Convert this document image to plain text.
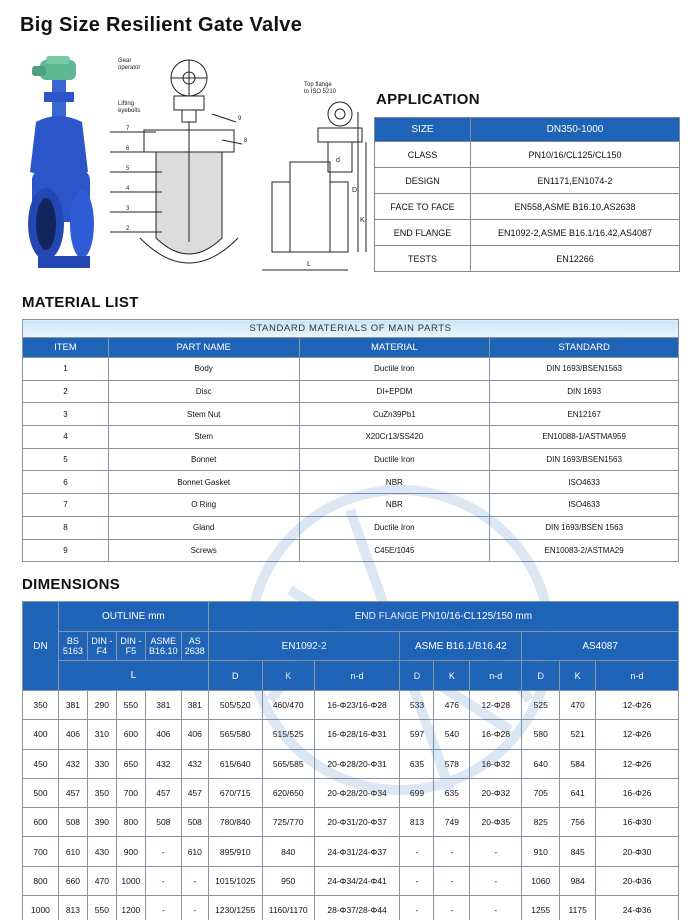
Big Size Resilient Gate Valve
Gear
operator
Lifting
eyebolts
7
6
5
4
3
2
9
8
Top flange
to ISO 5210
L
D
K
d
APPLICATION
SIZE	DN350-1000
CLASS	PN10/16/CL125/CL150
DESIGN	EN1171,EN1074-2
FACE TO FACE	EN558,ASME B16.10,AS2638
END FLANGE	EN1092-2,ASME B16.1/16.42,AS4087
TESTS	EN12266
MATERIAL LIST
STANDARD MATERIALS OF MAIN PARTS			
ITEM	PART NAME	MATERIAL	STANDARD
1	Body	Ductile Iron	DIN 1693/BSEN1563
2	Disc	DI+EPDM	DIN 1693
3	Stem Nut	CuZn39Pb1	EN12167
4	Stem	X20Cr13/SS420	EN10088-1/ASTMA959
5	Bonnet	Ductile Iron	DIN 1693/BSEN1563
6	Bonnet Gasket	NBR	ISO4633
7	O Ring	NBR	ISO4633
8	Gland	Ductile Iron	DIN 1693/BSEN 1563
9	Screws	C45E/1045	EN10083-2/ASTMA29
DIMENSIONS
DN	OUTLINE mm					END FLANGE PN10/16-CL125/150 mm								
	BS 5163	DIN -F4	DIN -F5	ASME B16.10	AS 2638	EN1092-2			ASME B16.1/B16.42			AS4087		
	L					D	K	n-d	D	K	n-d	D	K	n-d
350	381	290	550	381	381	505/520	460/470	16-Φ23/16-Φ28	533	476	12-Φ28	525	470	12-Φ26
400	406	310	600	406	406	565/580	515/525	16-Φ28/16-Φ31	597	540	16-Φ28	580	521	12-Φ26
450	432	330	650	432	432	615/640	565/585	20-Φ28/20-Φ31	635	578	16-Φ32	640	584	12-Φ26
500	457	350	700	457	457	670/715	620/650	20-Φ28/20-Φ34	699	635	20-Φ32	705	641	16-Φ26
600	508	390	800	508	508	780/840	725/770	20-Φ31/20-Φ37	813	749	20-Φ35	825	756	16-Φ30
700	610	430	900	-	610	895/910	840	24-Φ31/24-Φ37	-	-	-	910	845	20-Φ30
800	660	470	1000	-	-	1015/1025	950	24-Φ34/24-Φ41	-	-	-	1060	984	20-Φ36
1000	813	550	1200	-	-	1230/1255	1160/1170	28-Φ37/28-Φ44	-	-	-	1255	1175	24-Φ36
